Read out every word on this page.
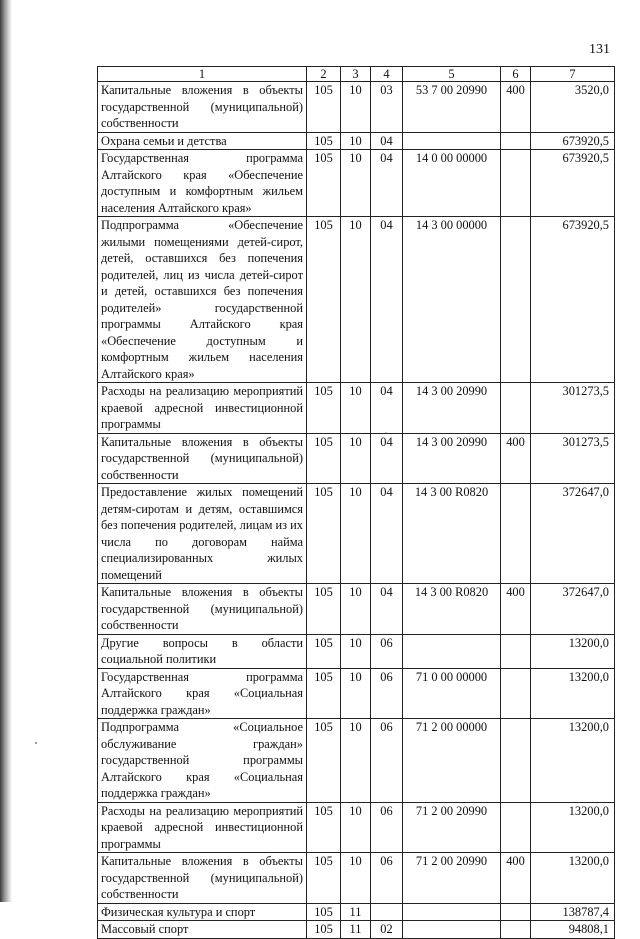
131
1	2	3	4	5	6	7
Капитальные вложения в объекты государственной (муниципальной) собственности	105	10	03	53 7 00 20990	400	3520,0
Охрана семьи и детства	105	10	04			673920,5
Государственная программа Алтайского края «Обеспечение доступным и комфортным жильем населения Алтайского края»	105	10	04	14 0 00 00000		673920,5
Подпрограмма «Обеспечение жилыми помещениями детей-сирот, детей, оставшихся без попечения родителей, лиц из числа детей-сирот и детей, оставшихся без попечения родителей» государственной программы Алтайского края «Обеспечение доступным и комфортным жильем населения Алтайского края»	105	10	04	14 3 00 00000		673920,5
Расходы на реализацию мероприятий краевой адресной инвестиционной программы	105	10	04	14 3 00 20990		301273,5
Капитальные вложения в объекты государственной (муниципальной) собственности	105	10	04	14 3 00 20990	400	301273,5
Предоставление жилых помещений детям-сиротам и детям, оставшимся без попечения родителей, лицам из их числа по договорам найма специализированных жилых помещений	105	10	04	14 3 00 R0820		372647,0
Капитальные вложения в объекты государственной (муниципальной) собственности	105	10	04	14 3 00 R0820	400	372647,0
Другие вопросы в области социальной политики	105	10	06			13200,0
Государственная программа Алтайского края «Социальная поддержка граждан»	105	10	06	71 0 00 00000		13200,0
Подпрограмма «Социальное обслуживание граждан» государственной программы Алтайского края «Социальная поддержка граждан»	105	10	06	71 2 00 00000		13200,0
Расходы на реализацию мероприятий краевой адресной инвестиционной программы	105	10	06	71 2 00 20990		13200,0
Капитальные вложения в объекты государственной (муниципальной) собственности	105	10	06	71 2 00 20990	400	13200,0
Физическая культура и спорт	105	11				138787,4
Массовый спорт	105	11	02			94808,1
